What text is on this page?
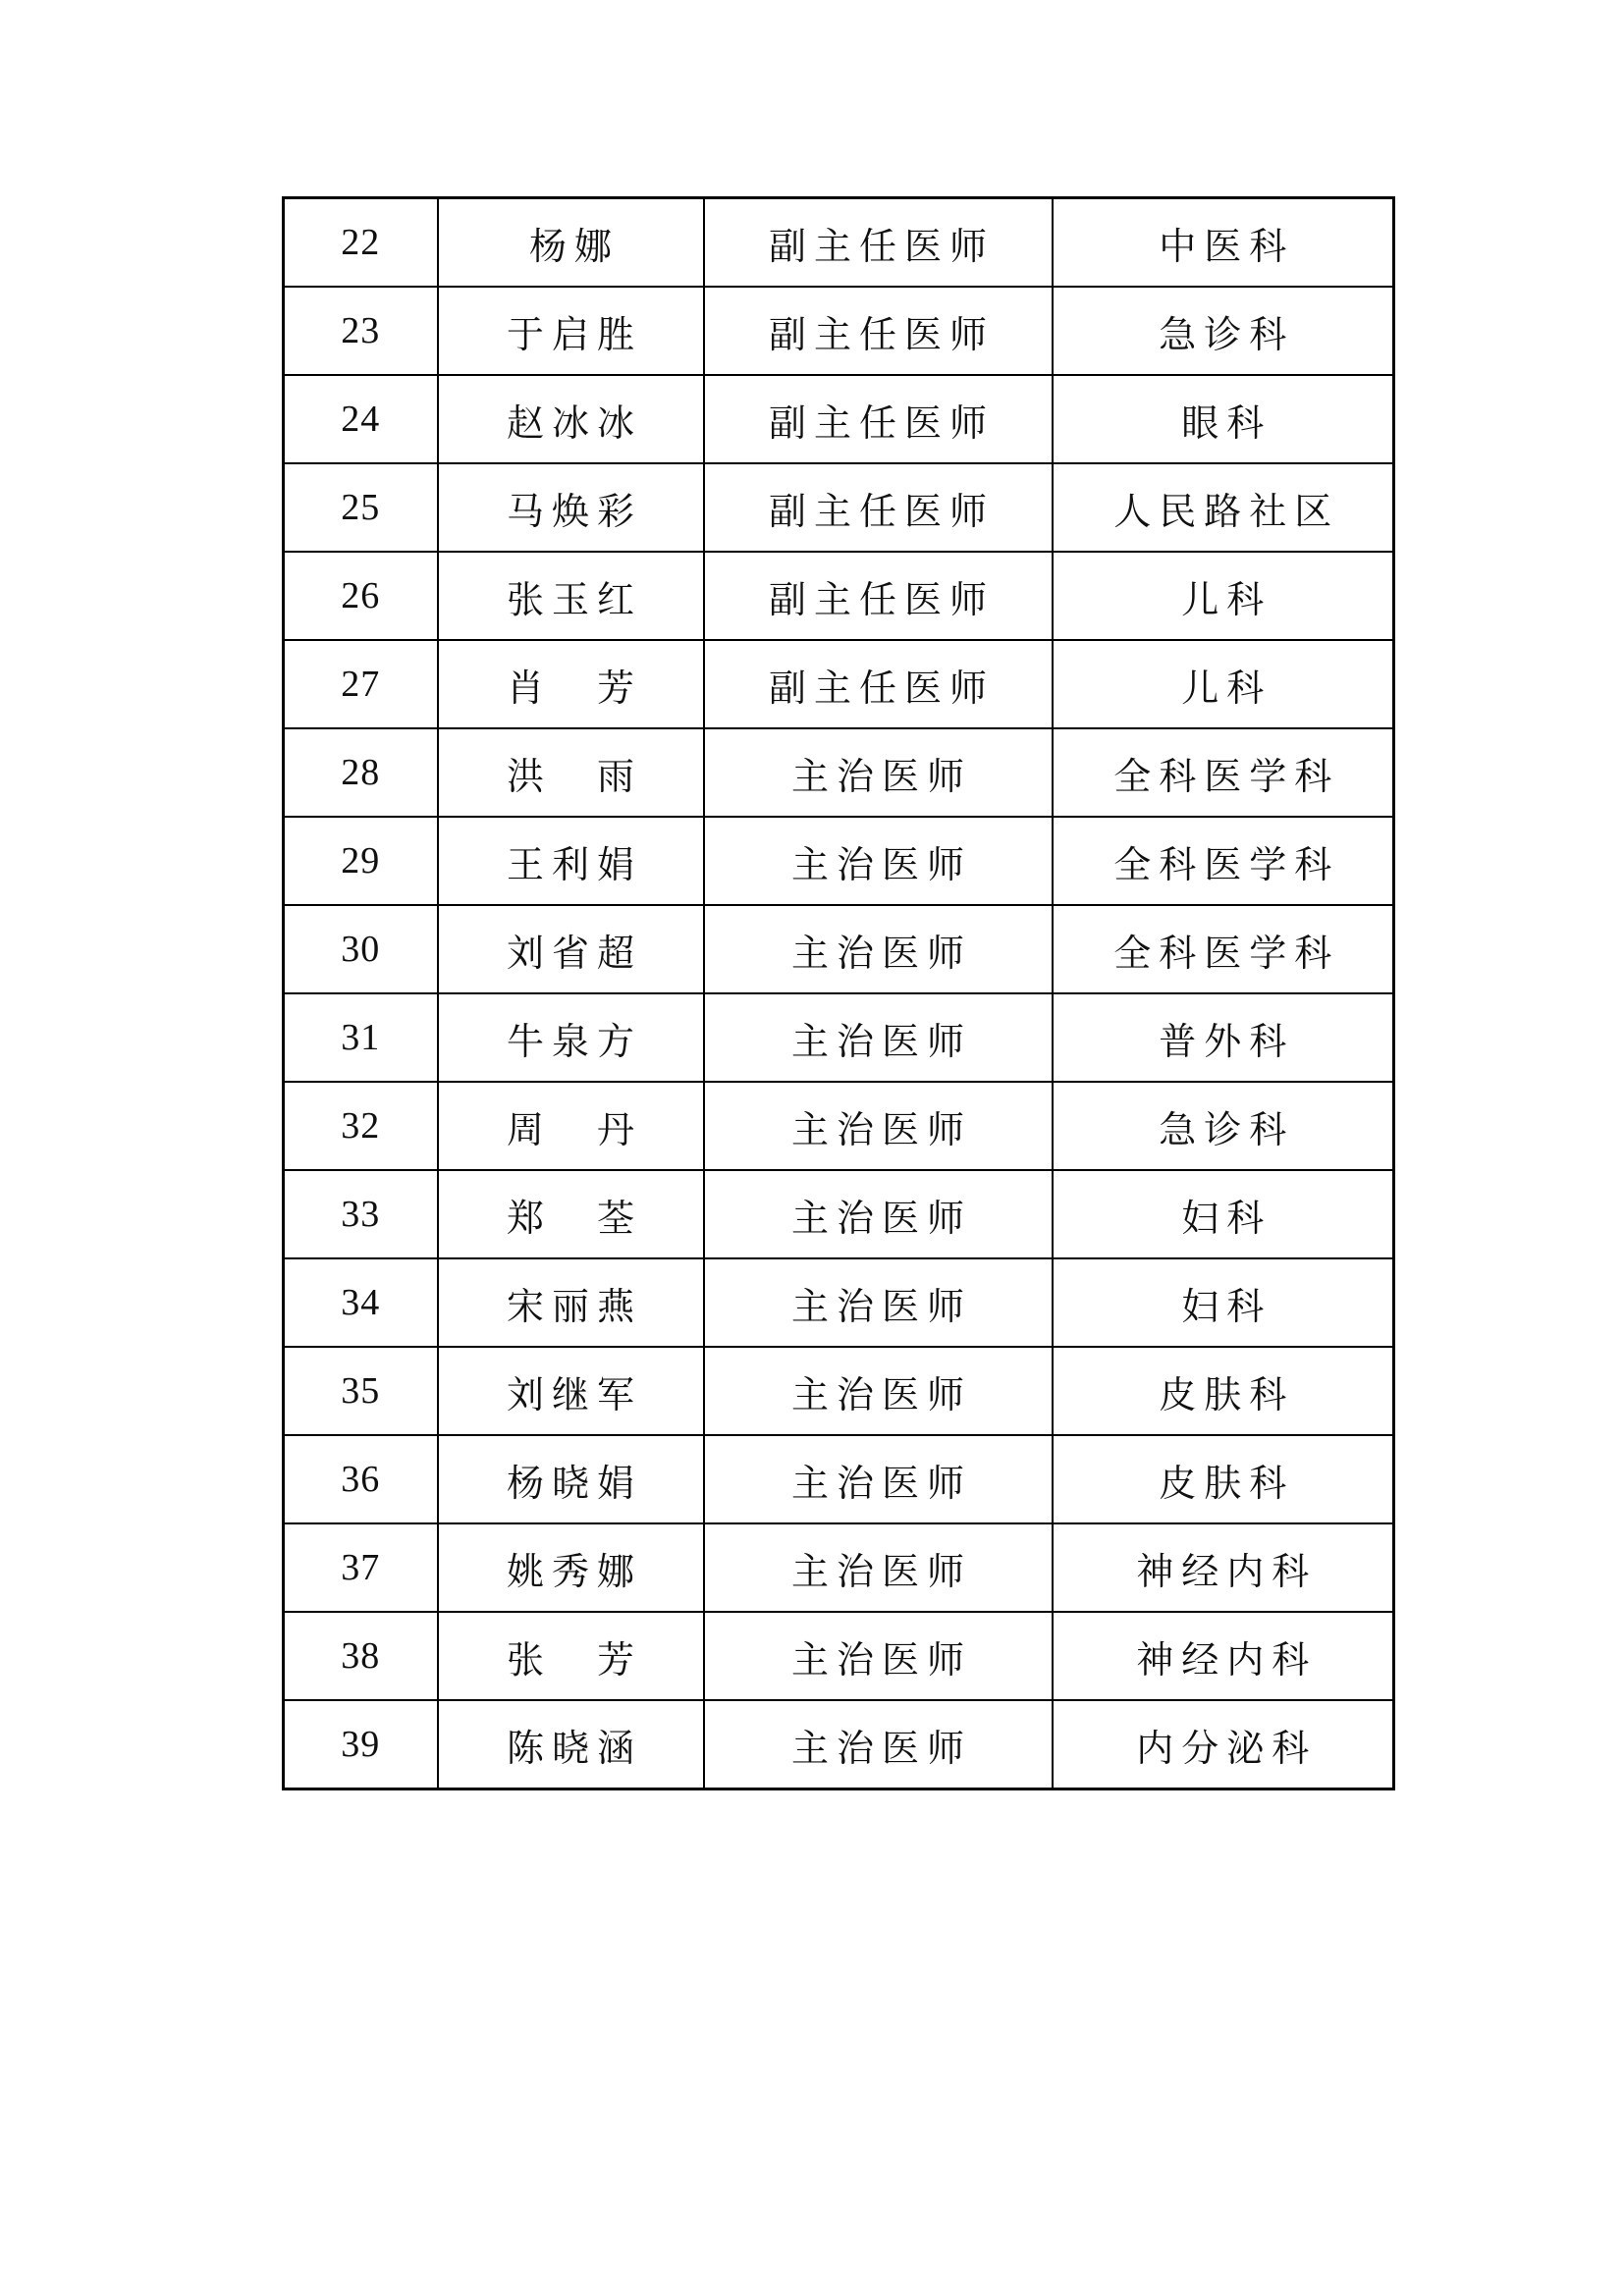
22	杨娜	副主任医师	中医科
23	于启胜	副主任医师	急诊科
24	赵冰冰	副主任医师	眼科
25	马焕彩	副主任医师	人民路社区
26	张玉红	副主任医师	儿科
27	肖　芳	副主任医师	儿科
28	洪　雨	主治医师	全科医学科
29	王利娟	主治医师	全科医学科
30	刘省超	主治医师	全科医学科
31	牛泉方	主治医师	普外科
32	周　丹	主治医师	急诊科
33	郑　荃	主治医师	妇科
34	宋丽燕	主治医师	妇科
35	刘继军	主治医师	皮肤科
36	杨晓娟	主治医师	皮肤科
37	姚秀娜	主治医师	神经内科
38	张　芳	主治医师	神经内科
39	陈晓涵	主治医师	内分泌科
